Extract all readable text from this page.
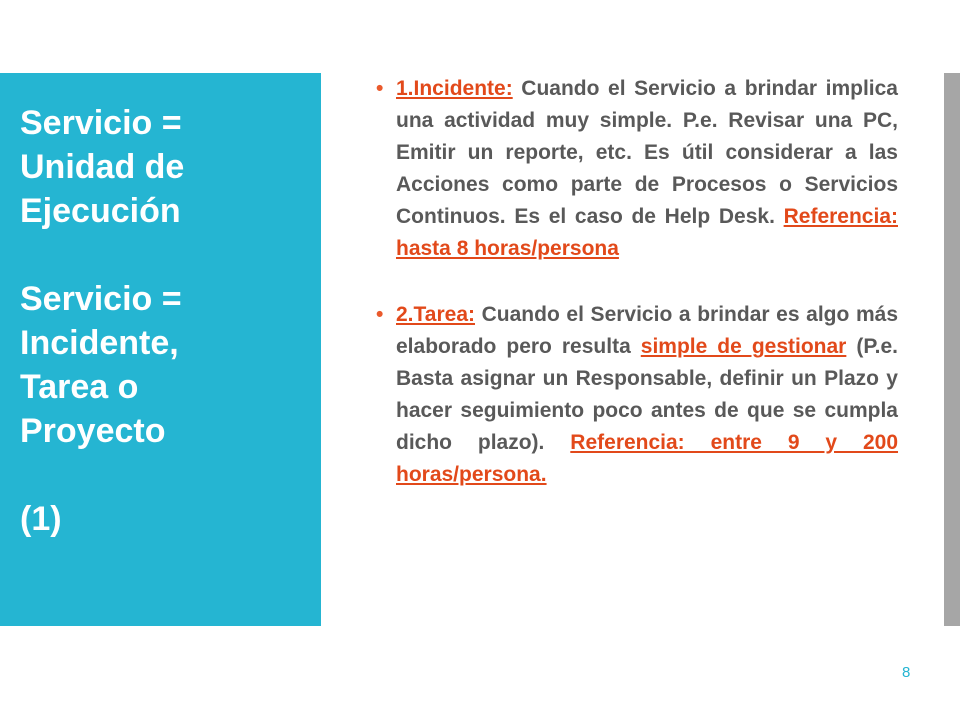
Servicio =
Unidad de
Ejecución

Servicio =
Incidente,
Tarea o
Proyecto

(1)

• 1.Incidente: Cuando el Servicio a brindar implica una actividad muy simple. P.e. Revisar una PC, Emitir un reporte, etc. Es útil considerar a las Acciones como parte de Procesos o Servicios Continuos. Es el caso de Help Desk. Referencia: hasta 8 horas/persona
• 2.Tarea: Cuando el Servicio a brindar es algo más elaborado pero resulta simple de gestionar (P.e. Basta asignar un Responsable, definir un Plazo y hacer seguimiento poco antes de que se cumpla dicho plazo). Referencia: entre 9 y 200 horas/persona.
8
